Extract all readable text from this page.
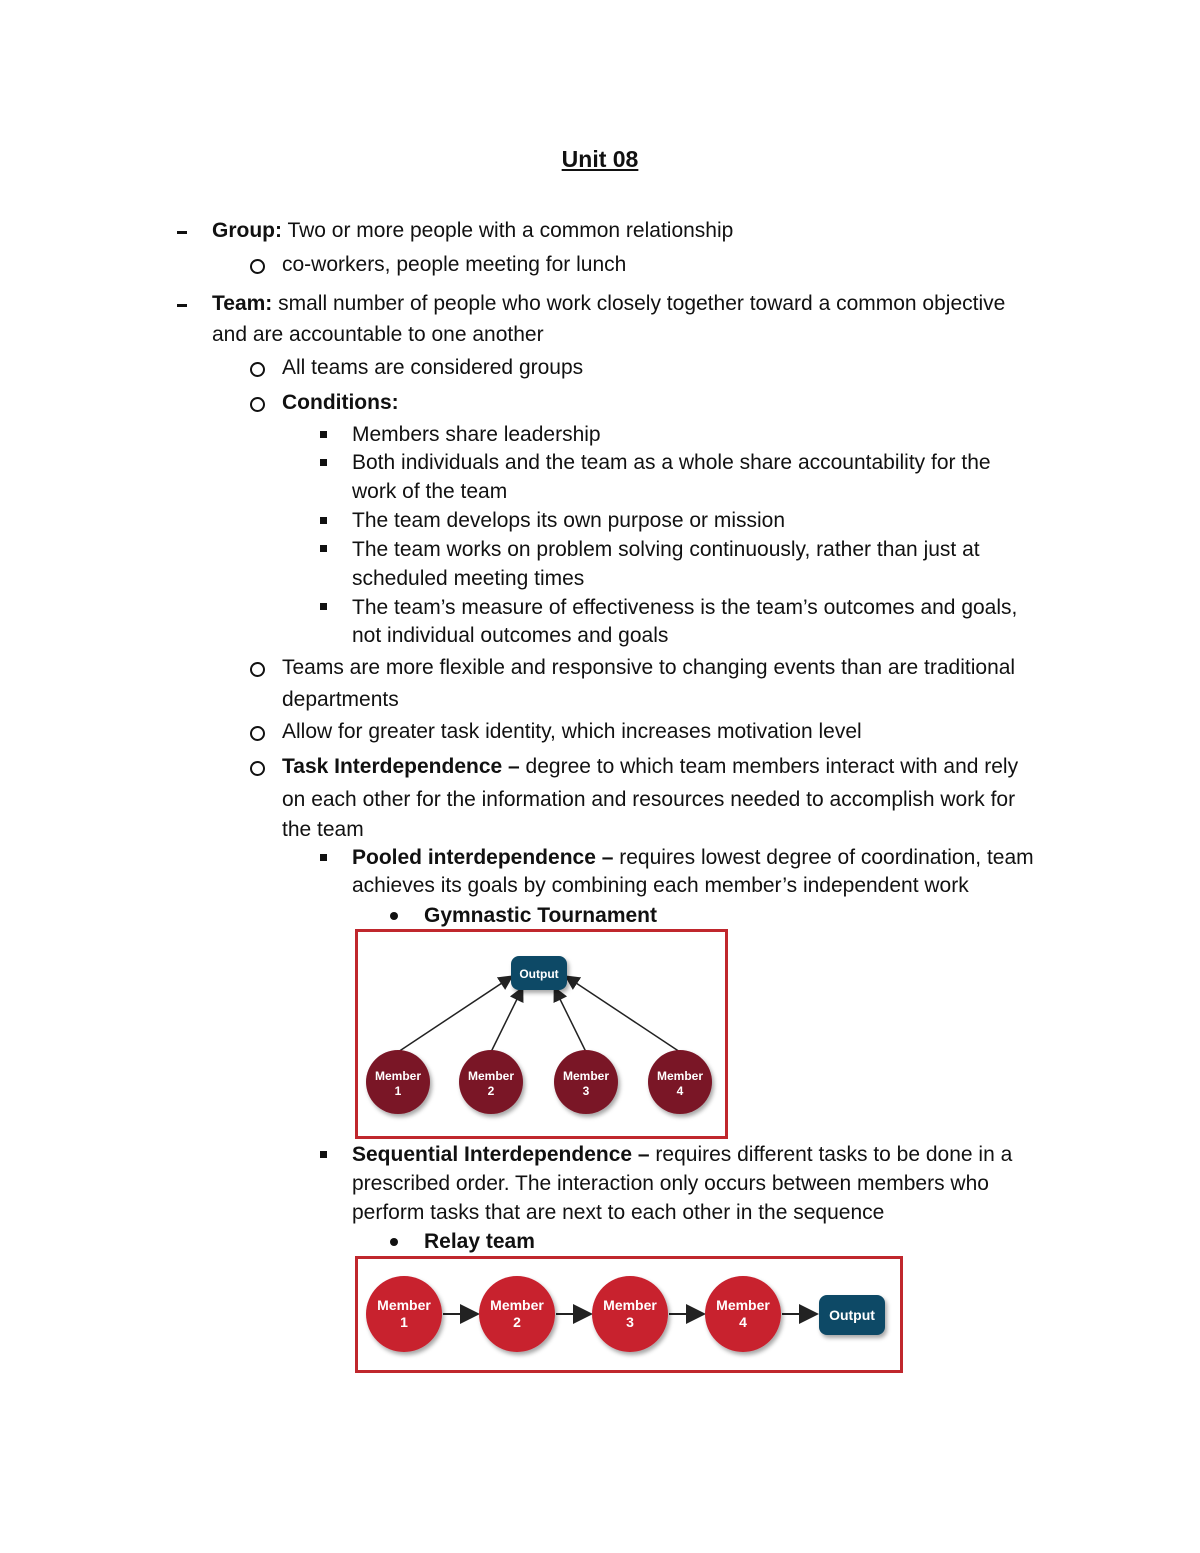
Unit 08
Group: Two or more people with a common relationship
co-workers, people meeting for lunch
Team: small number of people who work closely together toward a common objective
and are accountable to one another
All teams are considered groups
Conditions:
Members share leadership
Both individuals and the team as a whole share accountability for the
work of the team
The team develops its own purpose or mission
The team works on problem solving continuously, rather than just at
scheduled meeting times
The team’s measure of effectiveness is the team’s outcomes and goals,
not individual outcomes and goals
Teams are more flexible and responsive to changing events than are traditional
departments
Allow for greater task identity, which increases motivation level
Task Interdependence – degree to which team members interact with and rely
on each other for the information and resources needed to accomplish work for
the team
Pooled interdependence – requires lowest degree of coordination, team
achieves its goals by combining each member’s independent work
Gymnastic Tournament
Output
Member
1
Member
2
Member
3
Member
4
Sequential Interdependence – requires different tasks to be done in a
prescribed order. The interaction only occurs between members who
perform tasks that are next to each other in the sequence
Relay team
Member
1
Member
2
Member
3
Member
4	Output
